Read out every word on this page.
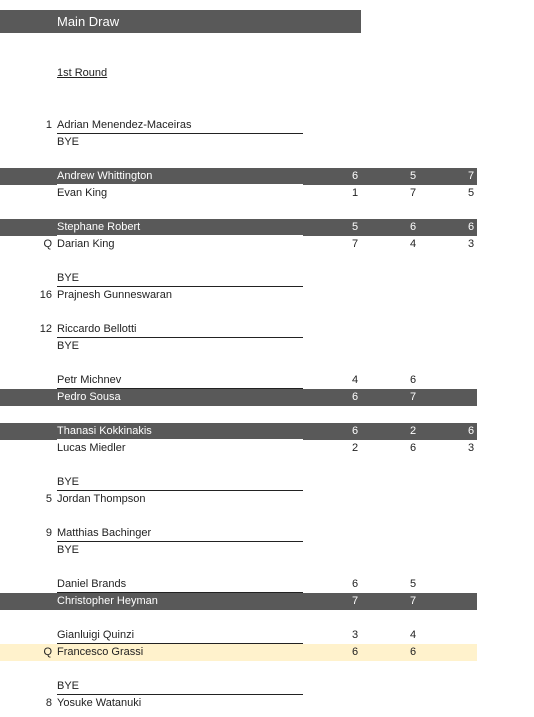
Main Draw
1st Round
1 Adrian Menendez-Maceiras
BYE
Andrew Whittington	6	5	7
Evan King	1	7	5
Stephane Robert	5	6	6
Q Darian King	7	4	3
BYE
16 Prajnesh Gunneswaran
12 Riccardo Bellotti
BYE
Petr Michnev	4	6
Pedro Sousa	6	7
Thanasi Kokkinakis	6	2	6
Lucas Miedler	2	6	3
BYE
5 Jordan Thompson
9 Matthias Bachinger
BYE
Daniel Brands	6	5
Christopher Heyman	7	7
Gianluigi Quinzi	3	4
Q Francesco Grassi	6	6
BYE
8 Yosuke Watanuki
